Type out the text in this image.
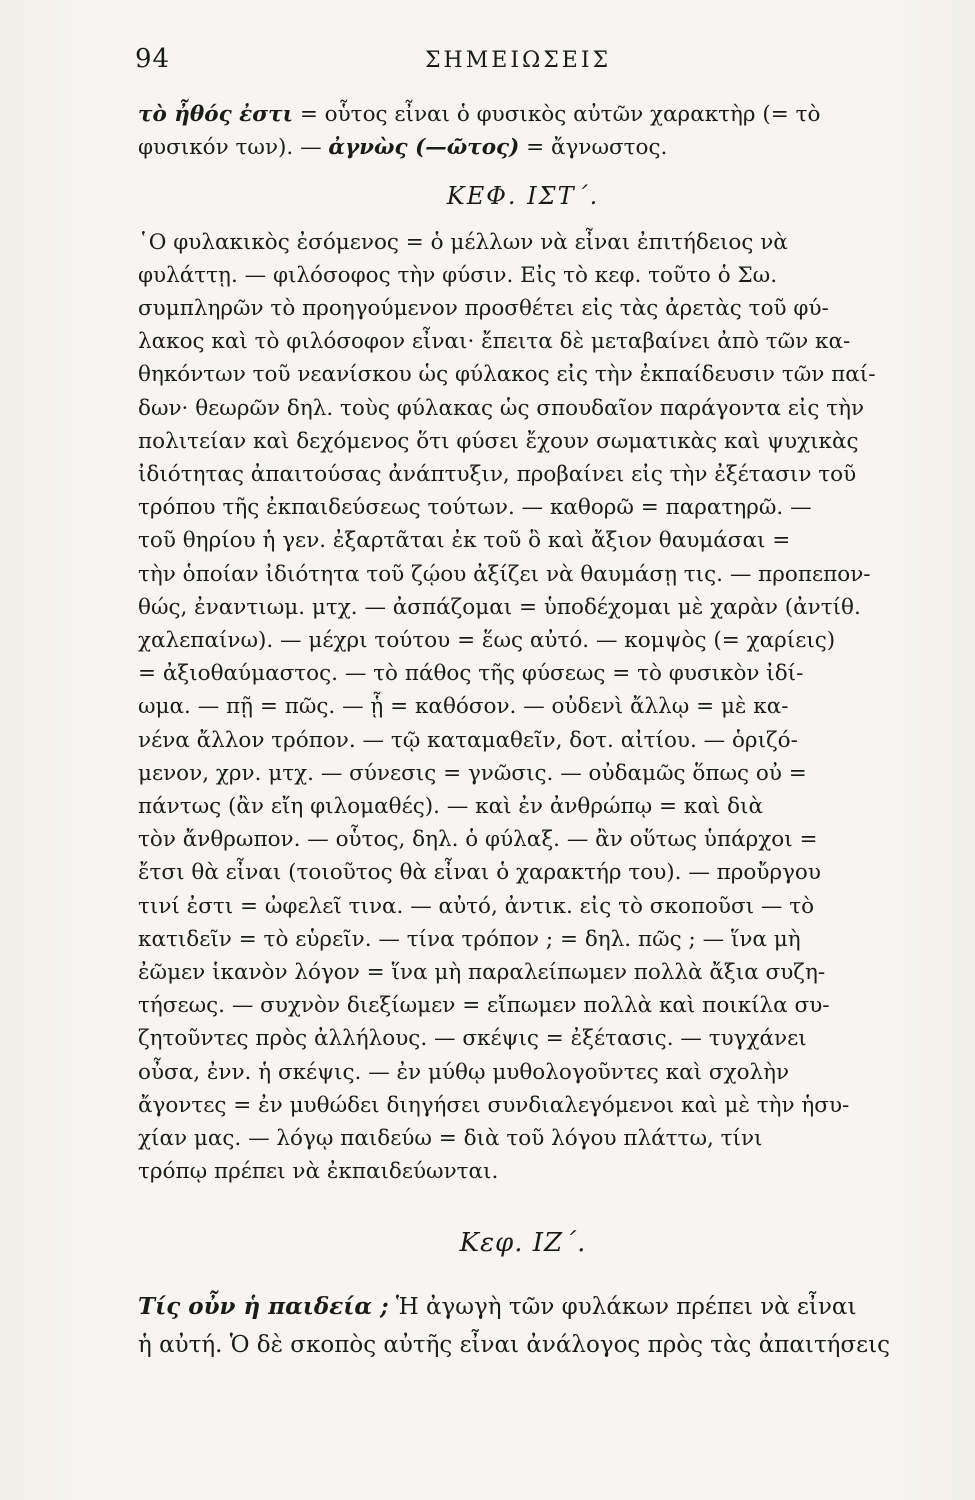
94	ΣΗΜΕΙΩΣΕΙΣ
τὸ ἦθός ἐστι = οὗτος εἶναι ὁ φυσικὸς αὐτῶν χαρακτὴρ (= τὸ
φυσικόν των). — ἀγνὼς (—ῶτος) = ἄγνωστος.
ΚΕΦ. ΙΣΤ΄.
῾Ο φυλακικὸς ἐσόμενος = ὁ μέλλων νὰ εἶναι ἐπιτήδειος νὰ
φυλάττῃ. — φιλόσοφος τὴν φύσιν. Εἰς τὸ κεφ. τοῦτο ὁ Σω.
συμπληρῶν τὸ προηγούμενον προσθέτει εἰς τὰς ἀρετὰς τοῦ φύ-
λακος καὶ τὸ φιλόσοφον εἶναι· ἔπειτα δὲ μεταβαίνει ἀπὸ τῶν κα-
θηκόντων τοῦ νεανίσκου ὡς φύλακος εἰς τὴν ἐκπαίδευσιν τῶν παί-
δων· θεωρῶν δηλ. τοὺς φύλακας ὡς σπουδαῖον παράγοντα εἰς τὴν
πολιτείαν καὶ δεχόμενος ὅτι φύσει ἔχουν σωματικὰς καὶ ψυχικὰς
ἰδιότητας ἀπαιτούσας ἀνάπτυξιν, προβαίνει εἰς τὴν ἐξέτασιν τοῦ
τρόπου τῆς ἐκπαιδεύσεως τούτων. — καθορῶ = παρατηρῶ. —
τοῦ θηρίου ἡ γεν. ἐξαρτᾶται ἐκ τοῦ ὃ καὶ ἄξιον θαυμάσαι =
τὴν ὁποίαν ἰδιότητα τοῦ ζῴου ἀξίζει νὰ θαυμάσῃ τις. — προπεπον-
θώς, ἐναντιωμ. μτχ. — ἀσπάζομαι = ὑποδέχομαι μὲ χαρὰν (ἀντίθ.
χαλεπαίνω). — μέχρι τούτου = ἕως αὐτό. — κομψὸς (= χαρίεις)
= ἀξιοθαύμαστος. — τὸ πάθος τῆς φύσεως = τὸ φυσικὸν ἰδί-
ωμα. — πῇ = πῶς. — ᾗ = καθόσον. — οὐδενὶ ἄλλῳ = μὲ κα-
νένα ἄλλον τρόπον. — τῷ καταμαθεῖν, δοτ. αἰτίου. — ὁριζό-
μενον, χρν. μτχ. — σύνεσις = γνῶσις. — οὐδαμῶς ὅπως οὐ =
πάντως (ἂν εἴη φιλομαθές). — καὶ ἐν ἀνθρώπῳ = καὶ διὰ
τὸν ἄνθρωπον. — οὗτος, δηλ. ὁ φύλαξ. — ἂν οὕτως ὑπάρχοι =
ἔτσι θὰ εἶναι (τοιοῦτος θὰ εἶναι ὁ χαρακτήρ του). — προὔργου
τινί ἐστι = ὠφελεῖ τινα. — αὐτό, ἀντικ. εἰς τὸ σκοποῦσι — τὸ
κατιδεῖν = τὸ εὑρεῖν. — τίνα τρόπον ; = δηλ. πῶς ; — ἵνα μὴ
ἐῶμεν ἱκανὸν λόγον = ἵνα μὴ παραλείπωμεν πολλὰ ἄξια συζη-
τήσεως. — συχνὸν διεξίωμεν = εἴπωμεν πολλὰ καὶ ποικίλα συ-
ζητοῦντες πρὸς ἀλλήλους. — σκέψις = ἐξέτασις. — τυγχάνει
οὖσα, ἐνν. ἡ σκέψις. — ἐν μύθῳ μυθολογοῦντες καὶ σχολὴν
ἄγοντες = ἐν μυθώδει διηγήσει συνδιαλεγόμενοι καὶ μὲ τὴν ἡσυ-
χίαν μας. — λόγῳ παιδεύω = διὰ τοῦ λόγου πλάττω, τίνι
τρόπῳ πρέπει νὰ ἐκπαιδεύωνται.
Κεφ. ΙΖ΄.
Τίς οὖν ἡ παιδεία ; Ἡ ἀγωγὴ τῶν φυλάκων πρέπει νὰ εἶναι
ἡ αὐτή. Ὁ δὲ σκοπὸς αὐτῆς εἶναι ἀνάλογος πρὸς τὰς ἀπαιτήσεις
